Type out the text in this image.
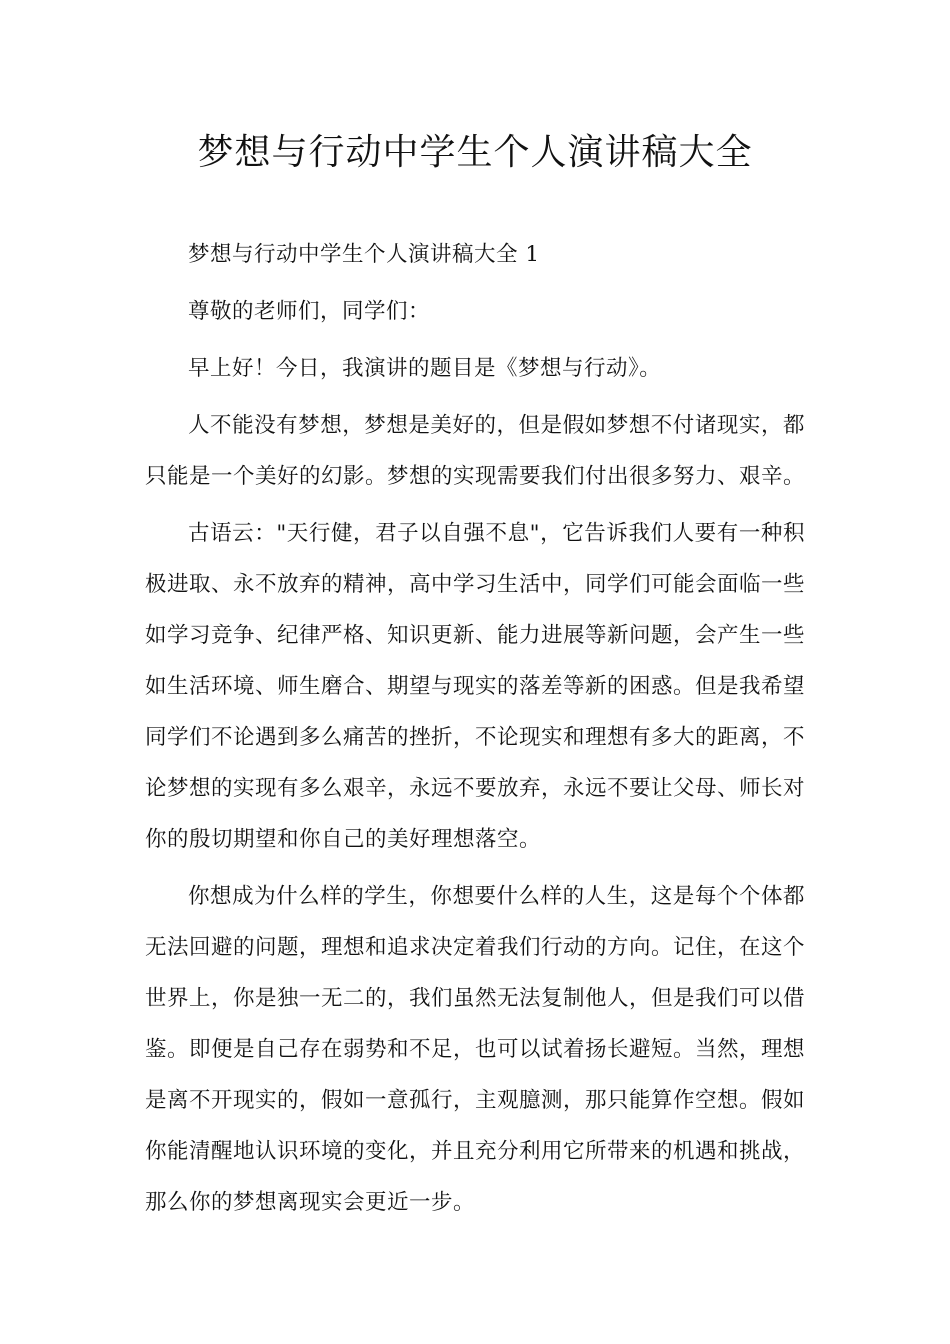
梦想与行动中学生个人演讲稿大全

梦想与行动中学生个人演讲稿大全 1

尊敬的老师们，同学们：

早上好！今日，我演讲的题目是《梦想与行动》。

人不能没有梦想，梦想是美好的，但是假如梦想不付诸现实，都只能是一个美好的幻影。梦想的实现需要我们付出很多努力、艰辛。

古语云："天行健，君子以自强不息"，它告诉我们人要有一种积极进取、永不放弃的精神，高中学习生活中，同学们可能会面临一些如学习竞争、纪律严格、知识更新、能力进展等新问题，会产生一些如生活环境、师生磨合、期望与现实的落差等新的困惑。但是我希望同学们不论遇到多么痛苦的挫折，不论现实和理想有多大的距离，不论梦想的实现有多么艰辛，永远不要放弃，永远不要让父母、师长对你的殷切期望和你自己的美好理想落空。

你想成为什么样的学生，你想要什么样的人生，这是每个个体都无法回避的问题，理想和追求决定着我们行动的方向。记住，在这个世界上，你是独一无二的，我们虽然无法复制他人，但是我们可以借鉴。即便是自己存在弱势和不足，也可以试着扬长避短。当然，理想是离不开现实的，假如一意孤行，主观臆测，那只能算作空想。假如你能清醒地认识环境的变化，并且充分利用它所带来的机遇和挑战，那么你的梦想离现实会更近一步。
